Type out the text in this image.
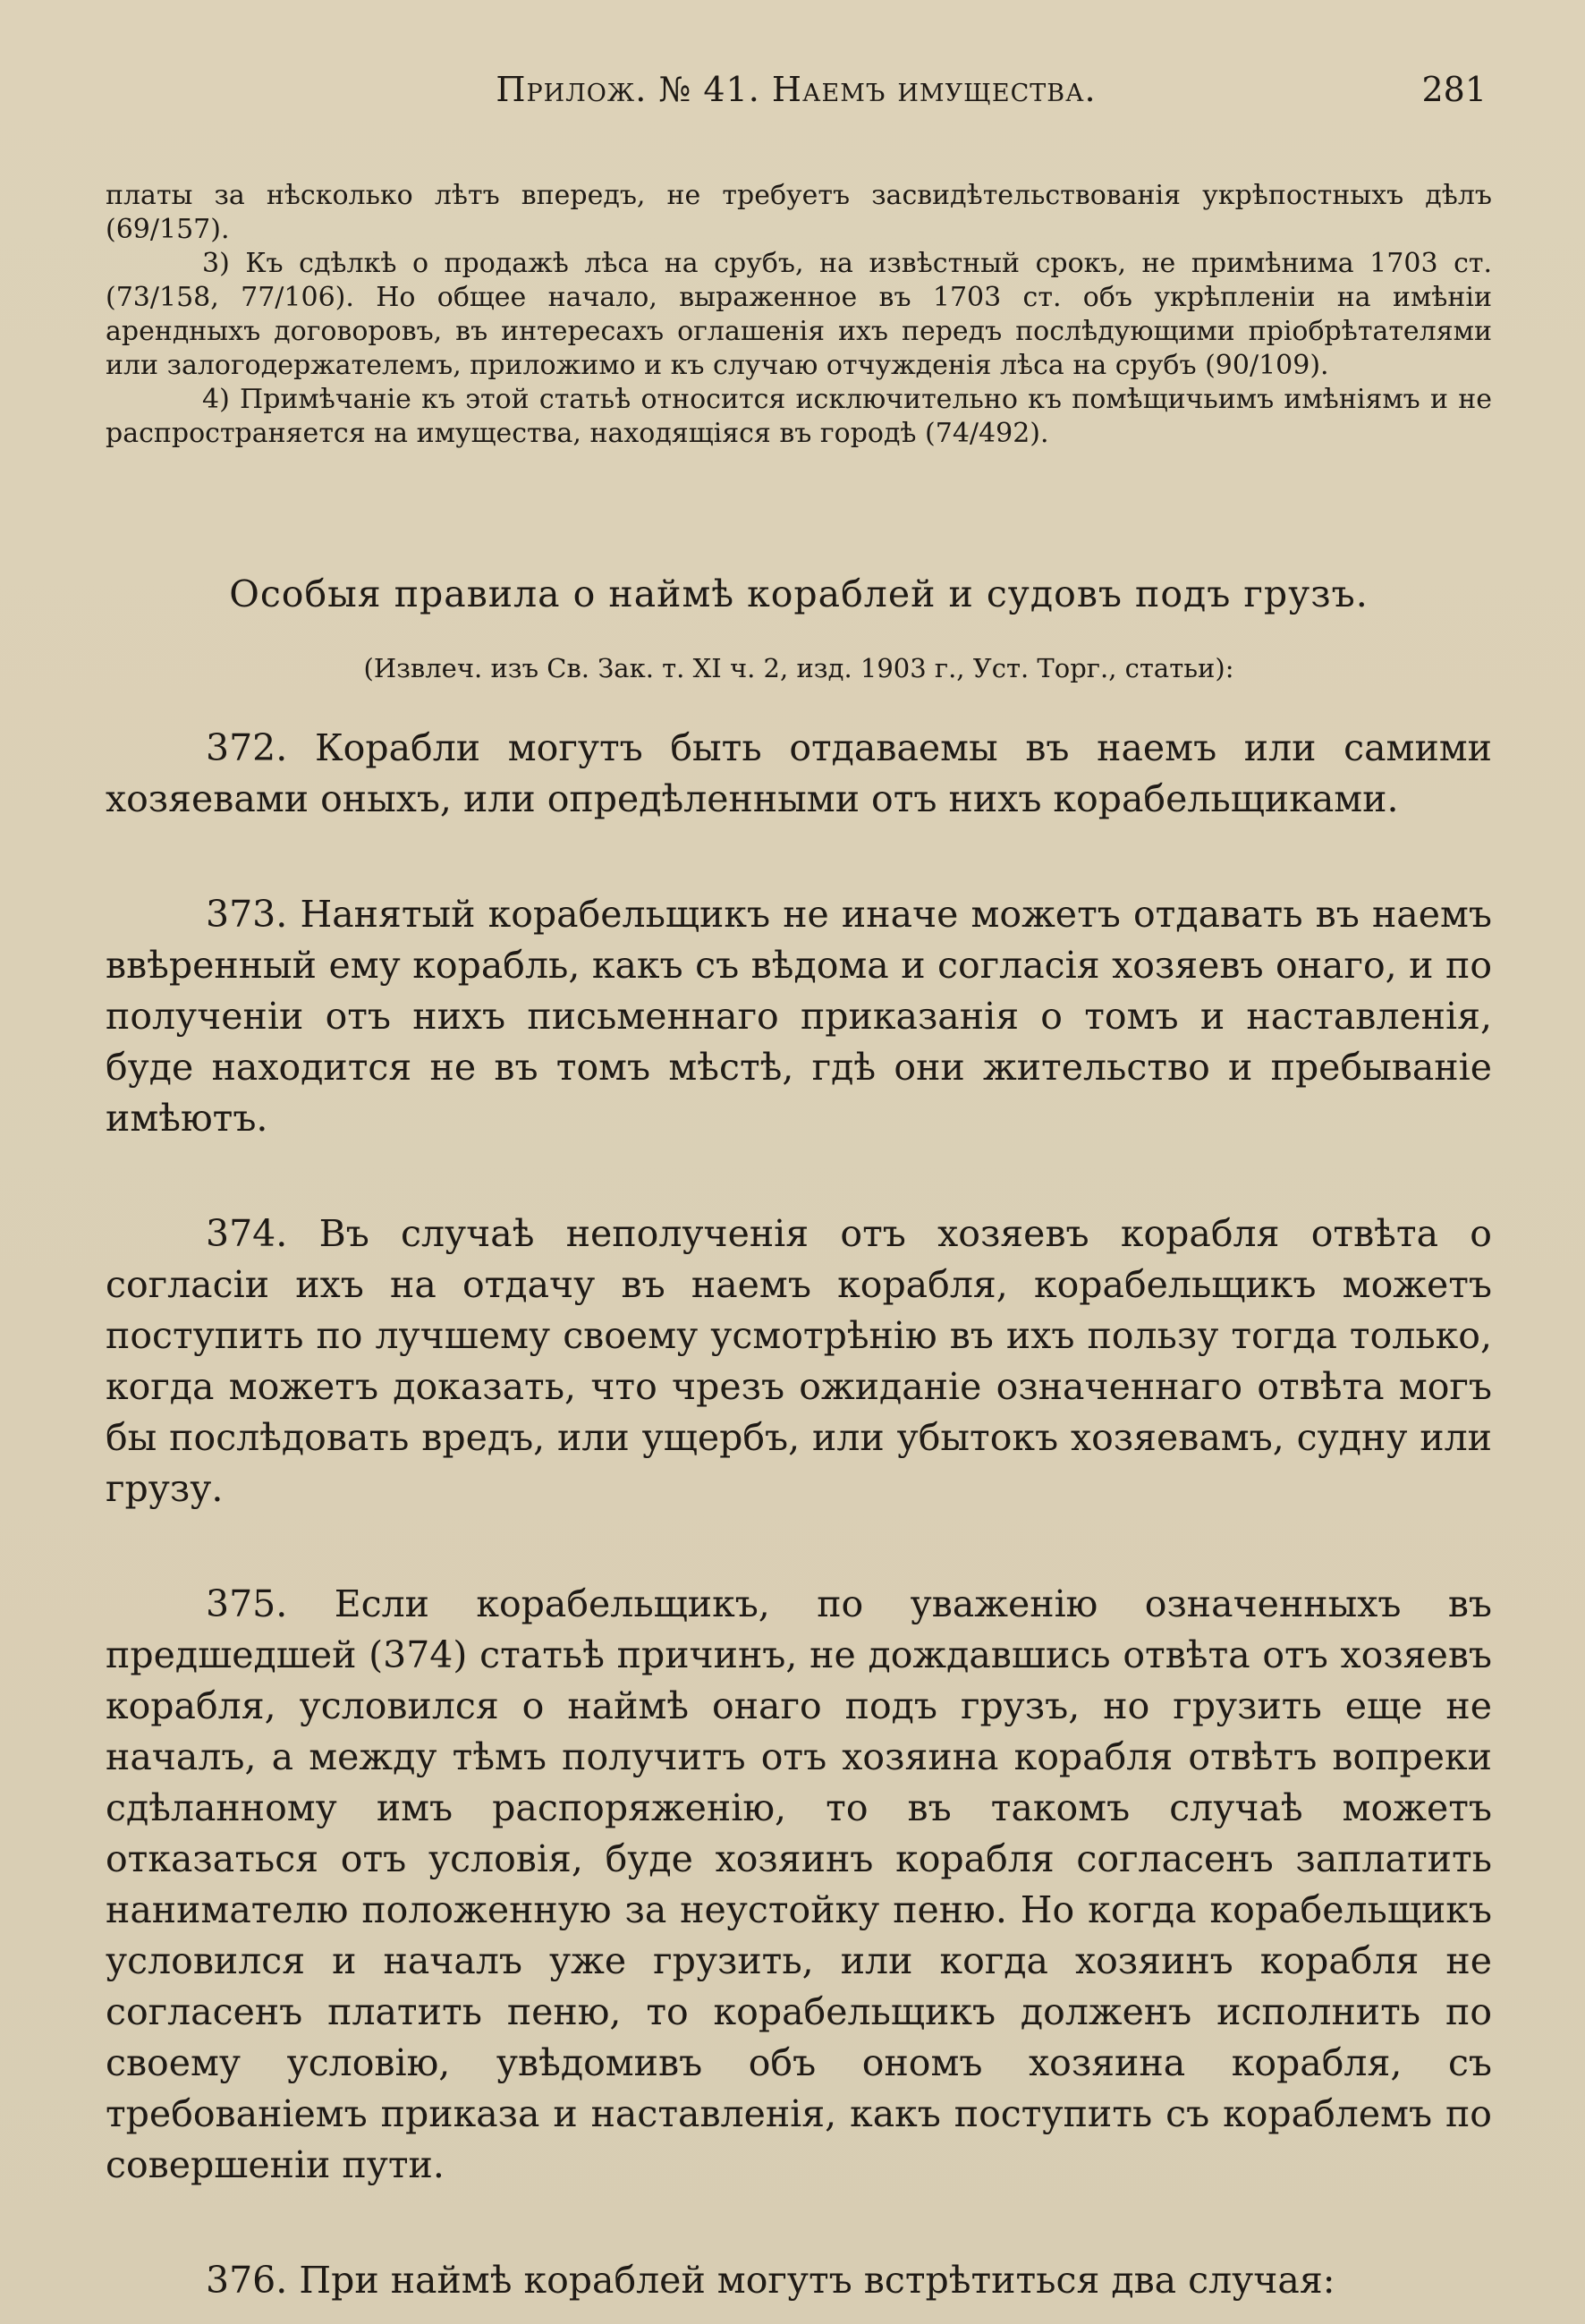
Прилож. № 41. Наемъ имущества.	281

платы за нѣсколько лѣтъ впередъ, не требуетъ засвидѣтельствованія укрѣпостныхъ дѣлъ (69/157).

3) Къ сдѣлкѣ о продажѣ лѣса на срубъ, на извѣстный срокъ, не примѣнима 1703 ст. (73/158, 77/106). Но общее начало, выраженное въ 1703 ст. объ укрѣпленіи на имѣніи арендныхъ договоровъ, въ интересахъ оглашенія ихъ передъ послѣдующими пріобрѣтателями или залогодержателемъ, приложимо и къ случаю отчужденія лѣса на срубъ (90/109).

4) Примѣчаніе къ этой статьѣ относится исключительно къ помѣщичьимъ имѣніямъ и не распространяется на имущества, находящіяся въ городѣ (74/492).

Особыя правила о наймѣ кораблей и судовъ подъ грузъ.
(Извлеч. изъ Св. Зак. т. XI ч. 2, изд. 1903 г., Уст. Торг., статьи):
372. Корабли могутъ быть отдаваемы въ наемъ или самими хозяевами оныхъ, или опредѣленными отъ нихъ корабельщиками.
373. Нанятый корабельщикъ не иначе можетъ отдавать въ наемъ ввѣренный ему корабль, какъ съ вѣдома и согласія хозяевъ онаго, и по полученіи отъ нихъ письменнаго приказанія о томъ и наставленія, буде находится не въ томъ мѣстѣ, гдѣ они жительство и пребываніе имѣютъ.
374. Въ случаѣ неполученія отъ хозяевъ корабля отвѣта о согласіи ихъ на отдачу въ наемъ корабля, корабельщикъ можетъ поступить по лучшему своему усмотрѣнію въ ихъ пользу тогда только, когда можетъ доказать, что чрезъ ожиданіе означеннаго отвѣта могъ бы послѣдовать вредъ, или ущербъ, или убытокъ хозяевамъ, судну или грузу.
375. Если корабельщикъ, по уваженію означенныхъ въ предшедшей (374) статьѣ причинъ, не дождавшись отвѣта отъ хозяевъ корабля, условился о наймѣ онаго подъ грузъ, но грузить еще не началъ, а между тѣмъ получитъ отъ хозяина корабля отвѣтъ вопреки сдѣланному имъ распоряженію, то въ такомъ случаѣ можетъ отказаться отъ условія, буде хозяинъ корабля согласенъ заплатить нанимателю положенную за неустойку пеню. Но когда корабельщикъ условился и началъ уже грузить, или когда хозяинъ корабля не согласенъ платить пеню, то корабельщикъ долженъ исполнить по своему условію, увѣдомивъ объ ономъ хозяина корабля, съ требованіемъ приказа и наставленія, какъ поступить съ кораблемъ по совершеніи пути.
376. При наймѣ кораблей могутъ встрѣтиться два случая:
